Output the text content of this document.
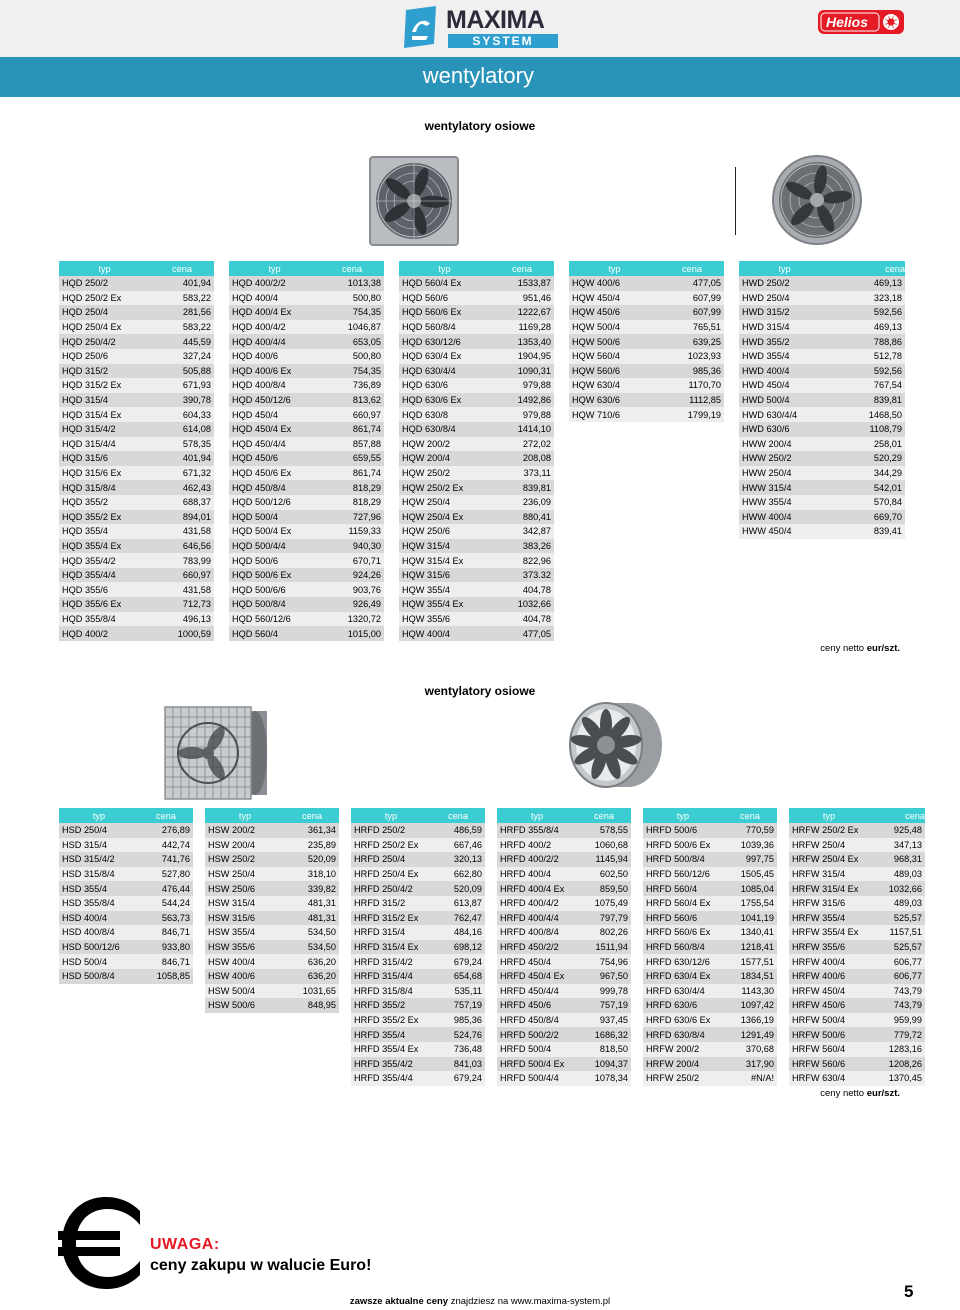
MAXIMA
SYSTEM
Helios
wentylatory
wentylatory osiowe
typ	cena		typ	cena		typ	cena		typ	cena		typ	cena
HQD 250/2	401,94		HQD 400/2/2	1013,38		HQD 560/4 Ex	1533,87		HQW 400/6	477,05		HWD 250/2	469,13
HQD 250/2 Ex	583,22		HQD 400/4	500,80		HQD 560/6	951,46		HQW 450/4	607,99		HWD 250/4	323,18
HQD 250/4	281,56		HQD 400/4 Ex	754,35		HQD 560/6 Ex	1222,67		HQW 450/6	607,99		HWD 315/2	592,56
HQD 250/4 Ex	583,22		HQD 400/4/2	1046,87		HQD 560/8/4	1169,28		HQW 500/4	765,51		HWD 315/4	469,13
HQD 250/4/2	445,59		HQD 400/4/4	653,05		HQD 630/12/6	1353,40		HQW 500/6	639,25		HWD 355/2	788,86
HQD 250/6	327,24		HQD 400/6	500,80		HQD 630/4 Ex	1904,95		HQW 560/4	1023,93		HWD 355/4	512,78
HQD 315/2	505,88		HQD 400/6 Ex	754,35		HQD 630/4/4	1090,31		HQW 560/6	985,36		HWD 400/4	592,56
HQD 315/2 Ex	671,93		HQD 400/8/4	736,89		HQD 630/6	979,88		HQW 630/4	1170,70		HWD 450/4	767,54
HQD 315/4	390,78		HQD 450/12/6	813,62		HQD 630/6 Ex	1492,86		HQW 630/6	1112,85		HWD 500/4	839,81
HQD 315/4 Ex	604,33		HQD 450/4	660,97		HQD 630/8	979,88		HQW 710/6	1799,19		HWD 630/4/4	1468,50
HQD 315/4/2	614,08		HQD 450/4 Ex	861,74		HQD 630/8/4	1414,10					HWD 630/6	1108,79
HQD 315/4/4	578,35		HQD 450/4/4	857,88		HQW 200/2	272,02					HWW 200/4	258,01
HQD 315/6	401,94		HQD 450/6	659,55		HQW 200/4	208,08					HWW 250/2	520,29
HQD 315/6 Ex	671,32		HQD 450/6 Ex	861,74		HQW 250/2	373,11					HWW 250/4	344,29
HQD 315/8/4	462,43		HQD 450/8/4	818,29		HQW 250/2 Ex	839,81					HWW 315/4	542,01
HQD 355/2	688,37		HQD 500/12/6	818,29		HQW 250/4	236,09					HWW 355/4	570,84
HQD 355/2 Ex	894,01		HQD 500/4	727,96		HQW 250/4 Ex	880,41					HWW 400/4	669,70
HQD 355/4	431,58		HQD 500/4 Ex	1159,33		HQW 250/6	342,87					HWW 450/4	839,41
HQD 355/4 Ex	646,56		HQD 500/4/4	940,30		HQW 315/4	383,26						
HQD 355/4/2	783,99		HQD 500/6	670,71		HQW 315/4 Ex	822,96						
HQD 355/4/4	660,97		HQD 500/6 Ex	924,26		HQW 315/6	373.32						
HQD 355/6	431,58		HQD 500/6/6	903,76		HQW 355/4	404,78						
HQD 355/6 Ex	712,73		HQD 500/8/4	926,49		HQW 355/4 Ex	1032,66						
HQD 355/8/4	496,13		HQD 560/12/6	1320,72		HQW 355/6	404,78						
HQD 400/2	1000,59		HQD 560/4	1015,00		HQW 400/4	477,05						
ceny netto eur/szt.
wentylatory osiowe
typ	cena		typ	cena		typ	cena		typ	cena		typ	cena		typ	cena
HSD 250/4	276,89		HSW 200/2	361,34		HRFD 250/2	486,59		HRFD 355/8/4	578,55		HRFD 500/6	770,59		HRFW 250/2 Ex	925,48
HSD 315/4	442,74		HSW 200/4	235,89		HRFD 250/2 Ex	667,46		HRFD 400/2	1060,68		HRFD 500/6 Ex	1039,36		HRFW 250/4	347,13
HSD 315/4/2	741,76		HSW 250/2	520,09		HRFD 250/4	320,13		HRFD 400/2/2	1145,94		HRFD 500/8/4	997,75		HRFW 250/4 Ex	968,31
HSD 315/8/4	527,80		HSW 250/4	318,10		HRFD 250/4 Ex	662,80		HRFD 400/4	602,50		HRFD 560/12/6	1505,45		HRFW 315/4	489,03
HSD 355/4	476,44		HSW 250/6	339,82		HRFD 250/4/2	520,09		HRFD 400/4 Ex	859,50		HRFD 560/4	1085,04		HRFW 315/4 Ex	1032,66
HSD 355/8/4	544,24		HSW 315/4	481,31		HRFD 315/2	613,87		HRFD 400/4/2	1075,49		HRFD 560/4 Ex	1755,54		HRFW 315/6	489,03
HSD 400/4	563,73		HSW 315/6	481,31		HRFD 315/2 Ex	762,47		HRFD 400/4/4	797,79		HRFD 560/6	1041,19		HRFW 355/4	525,57
HSD 400/8/4	846,71		HSW 355/4	534,50		HRFD 315/4	484,16		HRFD 400/8/4	802,26		HRFD 560/6 Ex	1340,41		HRFW 355/4 Ex	1157,51
HSD 500/12/6	933,80		HSW 355/6	534,50		HRFD 315/4 Ex	698,12		HRFD 450/2/2	1511,94		HRFD 560/8/4	1218,41		HRFW 355/6	525,57
HSD 500/4	846,71		HSW 400/4	636,20		HRFD 315/4/2	679,24		HRFD 450/4	754,96		HRFD 630/12/6	1577,51		HRFW 400/4	606,77
HSD 500/8/4	1058,85		HSW 400/6	636,20		HRFD 315/4/4	654,68		HRFD 450/4 Ex	967,50		HRFD 630/4 Ex	1834,51		HRFW 400/6	606,77
			HSW 500/4	1031,65		HRFD 315/8/4	535,11		HRFD 450/4/4	999,78		HRFD 630/4/4	1143,30		HRFW 450/4	743,79
			HSW 500/6	848,95		HRFD 355/2	757,19		HRFD 450/6	757,19		HRFD 630/6	1097,42		HRFW 450/6	743,79
						HRFD 355/2 Ex	985,36		HRFD 450/8/4	937,45		HRFD 630/6 Ex	1366,19		HRFW 500/4	959,99
						HRFD 355/4	524,76		HRFD 500/2/2	1686,32		HRFD 630/8/4	1291,49		HRFW 500/6	779,72
						HRFD 355/4 Ex	736,48		HRFD 500/4	818,50		HRFW 200/2	370,68		HRFW 560/4	1283,16
						HRFD 355/4/2	841,03		HRFD 500/4 Ex	1094,37		HRFW 200/4	317,90		HRFW 560/6	1208,26
						HRFD 355/4/4	679,24		HRFD 500/4/4	1078,34		HRFW 250/2	#N/A!		HRFW 630/4	1370,45

ceny netto eur/szt.
UWAGA:
ceny zakupu w walucie Euro!
zawsze aktualne ceny znajdziesz na www.maxima-system.pl
5
